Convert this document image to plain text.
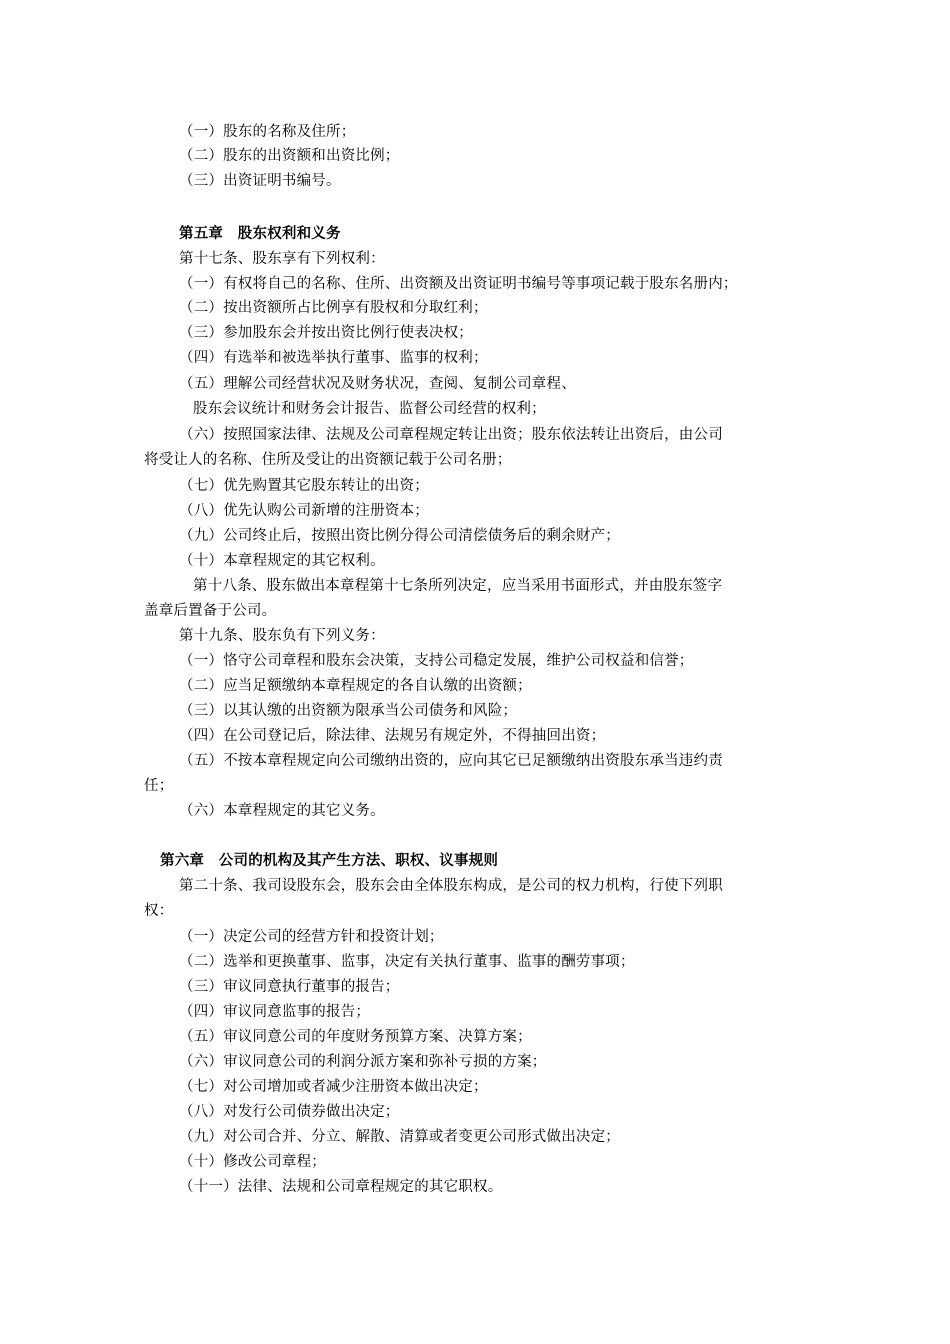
（一）股东的名称及住所；
（二）股东的出资额和出资比例；
（三）出资证明书编号。
第五章　股东权利和义务
第十七条、股东享有下列权利：
（一）有权将自己的名称、住所、出资额及出资证明书编号等事项记载于股东名册内；
（二）按出资额所占比例享有股权和分取红利；
（三）参加股东会并按出资比例行使表决权；
（四）有选举和被选举执行董事、监事的权利；
（五）理解公司经营状况及财务状况，查阅、复制公司章程、
股东会议统计和财务会计报告、监督公司经营的权利；
（六）按照国家法律、法规及公司章程规定转让出资；股东依法转让出资后，由公司
将受让人的名称、住所及受让的出资额记载于公司名册；
（七）优先购置其它股东转让的出资；
（八）优先认购公司新增的注册资本；
（九）公司终止后，按照出资比例分得公司清偿债务后的剩余财产；
（十）本章程规定的其它权利。
第十八条、股东做出本章程第十七条所列决定，应当采用书面形式，并由股东签字
盖章后置备于公司。
第十九条、股东负有下列义务：
（一）恪守公司章程和股东会决策，支持公司稳定发展，维护公司权益和信誉；
（二）应当足额缴纳本章程规定的各自认缴的出资额；
（三）以其认缴的出资额为限承当公司债务和风险；
（四）在公司登记后，除法律、法规另有规定外，不得抽回出资；
（五）不按本章程规定向公司缴纳出资的，应向其它已足额缴纳出资股东承当违约责
任；
（六）本章程规定的其它义务。
第六章　公司的机构及其产生方法、职权、议事规则
第二十条、我司设股东会，股东会由全体股东构成，是公司的权力机构，行使下列职
权：
（一）决定公司的经营方针和投资计划；
（二）选举和更换董事、监事，决定有关执行董事、监事的酬劳事项；
（三）审议同意执行董事的报告；
（四）审议同意监事的报告；
（五）审议同意公司的年度财务预算方案、决算方案；
（六）审议同意公司的利润分派方案和弥补亏损的方案；
（七）对公司增加或者减少注册资本做出决定；
（八）对发行公司债券做出决定；
（九）对公司合并、分立、解散、清算或者变更公司形式做出决定；
（十）修改公司章程；
（十一）法律、法规和公司章程规定的其它职权。
